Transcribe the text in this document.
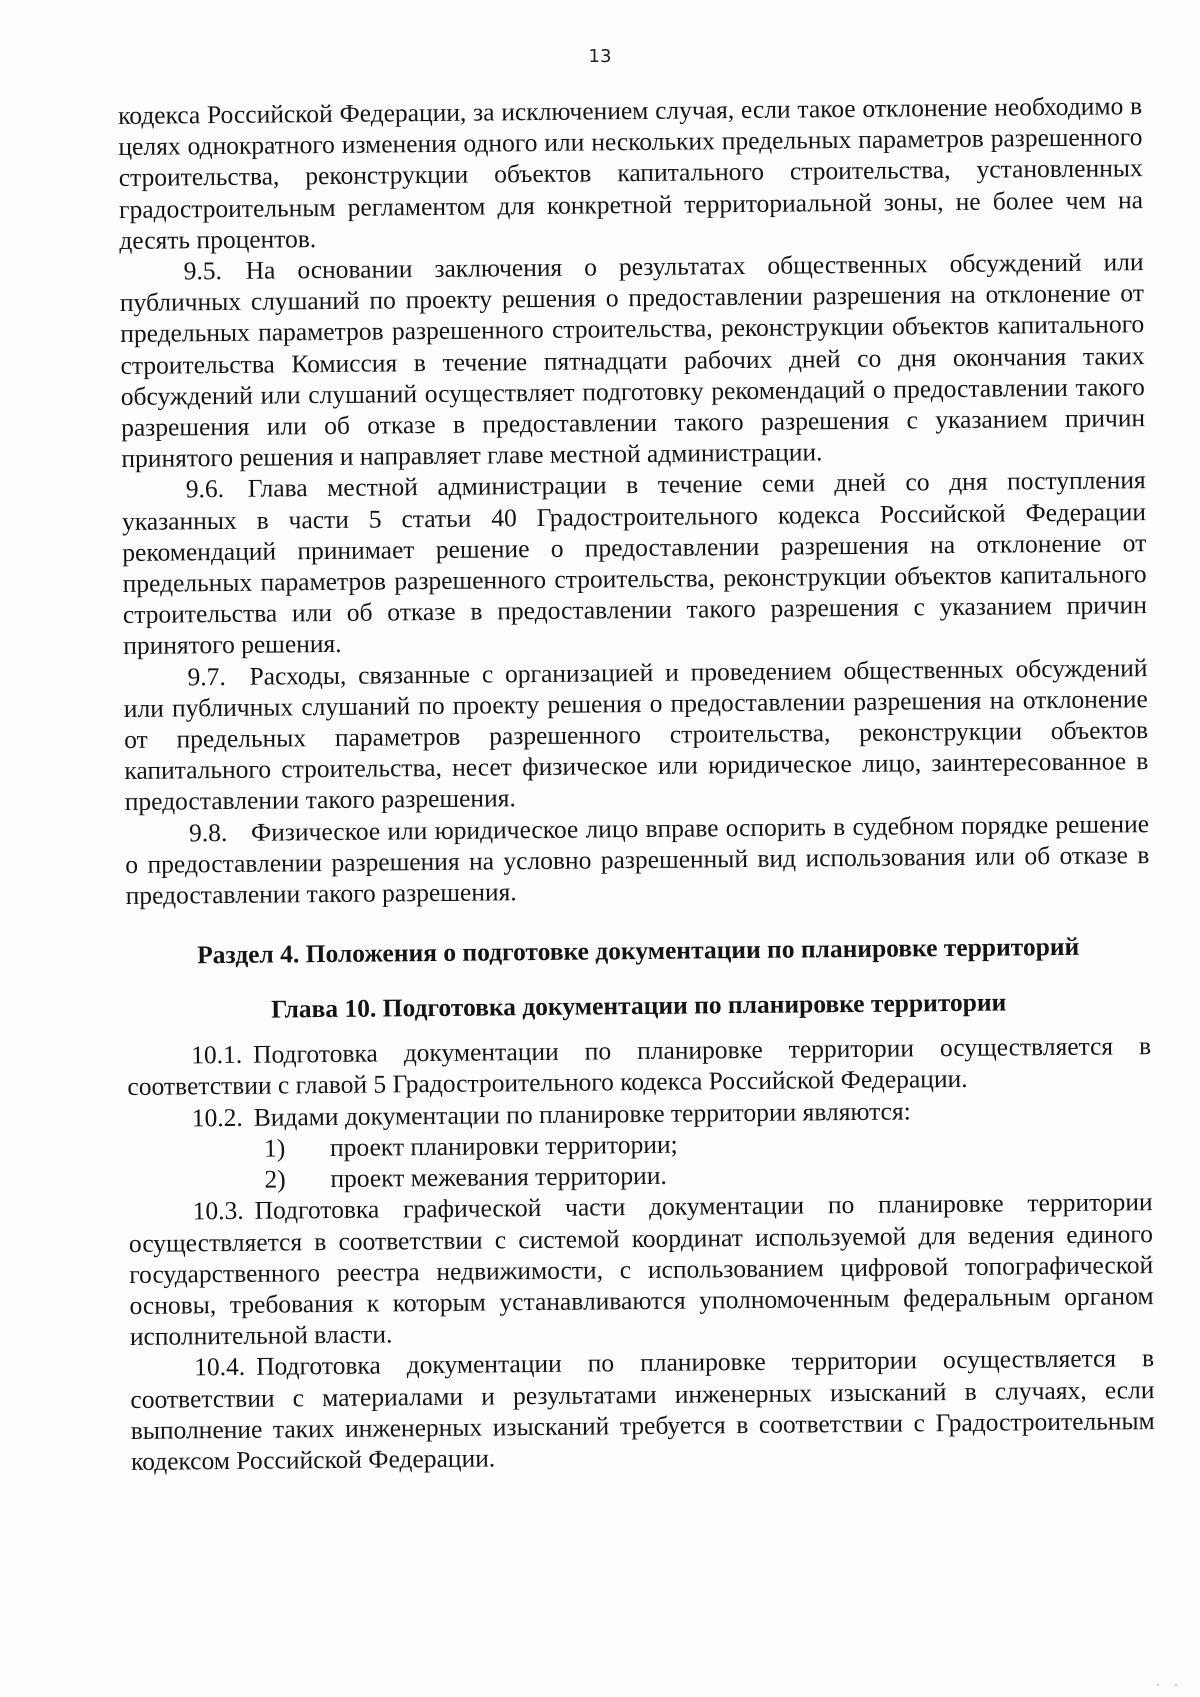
13

кодекса Российской Федерации, за исключением случая, если такое отклонение необходимо в целях однократного изменения одного или нескольких предельных параметров разрешенного строительства, реконструкции объектов капитального строительства, установленных градостроительным регламентом для конкретной территориальной зоны, не более чем на десять процентов.

9.5. На основании заключения о результатах общественных обсуждений или публичных слушаний по проекту решения о предоставлении разрешения на отклонение от предельных параметров разрешенного строительства, реконструкции объектов капитального строительства Комиссия в течение пятнадцати рабочих дней со дня окончания таких обсуждений или слушаний осуществляет подготовку рекомендаций о предоставлении такого разрешения или об отказе в предоставлении такого разрешения с указанием причин принятого решения и направляет главе местной администрации.

9.6. Глава местной администрации в течение семи дней со дня поступления указанных в части 5 статьи 40 Градостроительного кодекса Российской Федерации рекомендаций принимает решение о предоставлении разрешения на отклонение от предельных параметров разрешенного строительства, реконструкции объектов капитального строительства или об отказе в предоставлении такого разрешения с указанием причин принятого решения.

9.7. Расходы, связанные с организацией и проведением общественных обсуждений или публичных слушаний по проекту решения о предоставлении разрешения на отклонение от предельных параметров разрешенного строительства, реконструкции объектов капитального строительства, несет физическое или юридическое лицо, заинтересованное в предоставлении такого разрешения.

9.8. Физическое или юридическое лицо вправе оспорить в судебном порядке решение о предоставлении разрешения на условно разрешенный вид использования или об отказе в предоставлении такого разрешения.

Раздел 4. Положения о подготовке документации по планировке территорий
Глава 10. Подготовка документации по планировке территории

10.1. Подготовка документации по планировке территории осуществляется в соответствии с главой 5 Градостроительного кодекса Российской Федерации.

10.2. Видами документации по планировке территории являются:

1)	проект планировки территории;
2)	проект межевания территории.

10.3. Подготовка графической части документации по планировке территории осуществляется в соответствии с системой координат используемой для ведения единого государственного реестра недвижимости, с использованием цифровой топографической основы, требования к которым устанавливаются уполномоченным федеральным органом исполнительной власти.

10.4. Подготовка документации по планировке территории осуществляется в соответствии с материалами и результатами инженерных изысканий в случаях, если выполнение таких инженерных изысканий требуется в соответствии с Градостроительным кодексом Российской Федерации.

· ·
